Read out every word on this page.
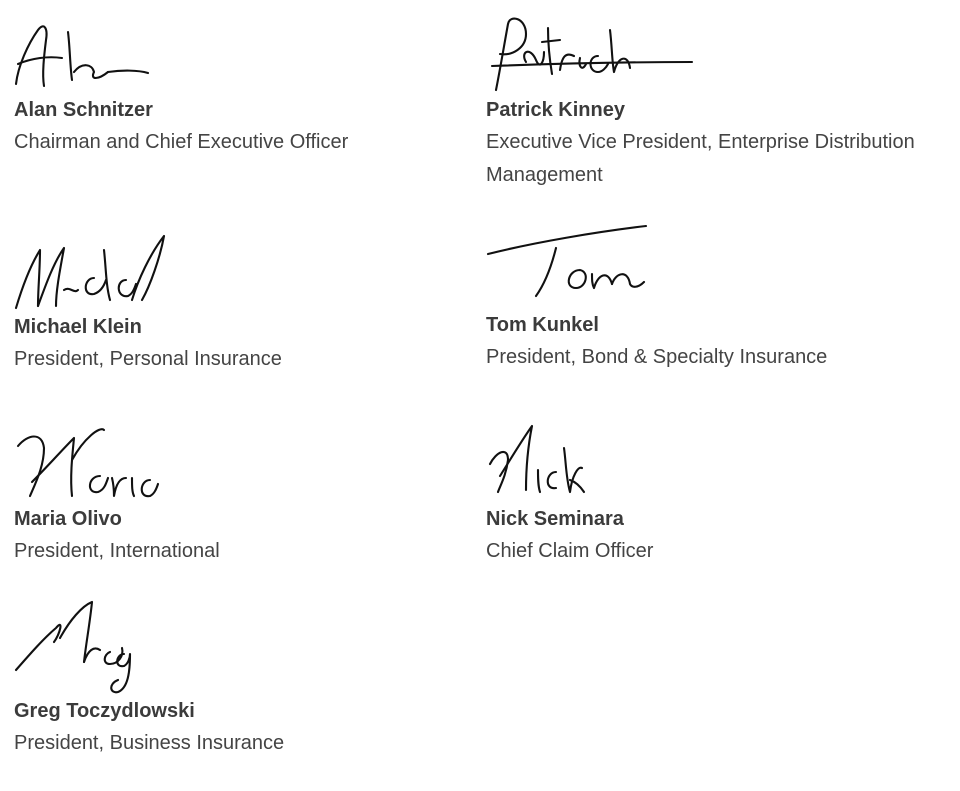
Alan Schnitzer
Chairman and Chief Executive Officer
Patrick Kinney
Executive Vice President, Enterprise Distribution Management
Michael Klein
President, Personal Insurance
Tom Kunkel
President, Bond & Specialty Insurance
Maria Olivo
President, International
Nick Seminara
Chief Claim Officer
Greg Toczydlowski
President, Business Insurance
